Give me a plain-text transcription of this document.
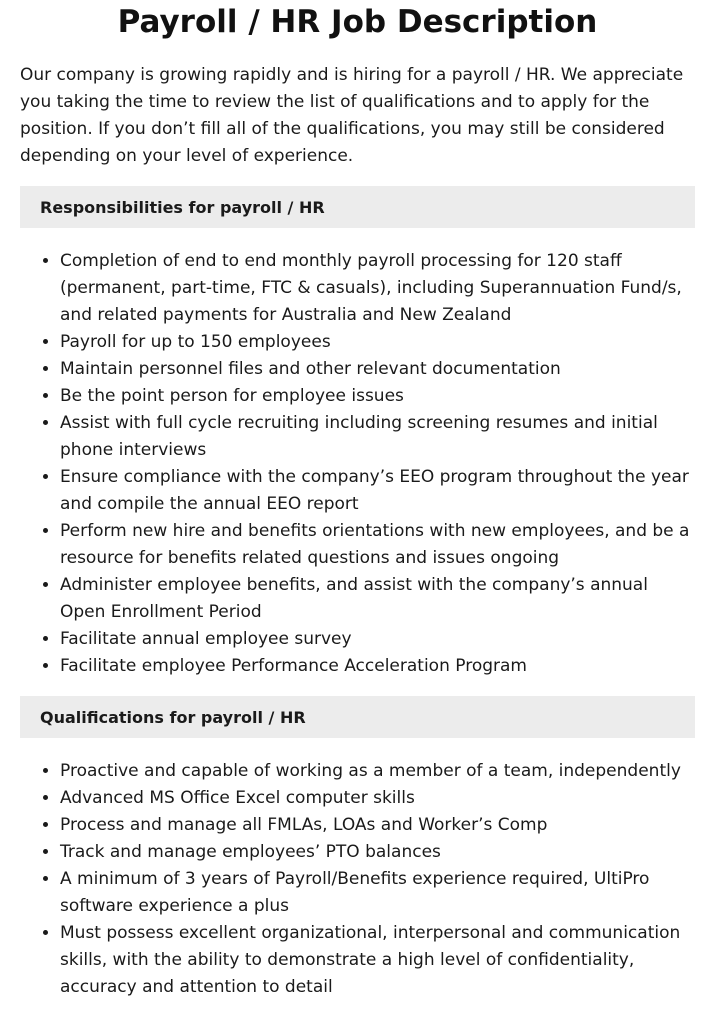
Payroll / HR Job Description

Our company is growing rapidly and is hiring for a payroll / HR. We appreciate you taking the time to review the list of qualifications and to apply for the position. If you don’t fill all of the qualifications, you may still be considered depending on your level of experience.

Responsibilities for payroll / HR
• Completion of end to end monthly payroll processing for 120 staff (permanent, part-time, FTC & casuals), including Superannuation Fund/s, and related payments for Australia and New Zealand
• Payroll for up to 150 employees
• Maintain personnel files and other relevant documentation
• Be the point person for employee issues
• Assist with full cycle recruiting including screening resumes and initial phone interviews
• Ensure compliance with the company’s EEO program throughout the year and compile the annual EEO report
• Perform new hire and benefits orientations with new employees, and be a resource for benefits related questions and issues ongoing
• Administer employee benefits, and assist with the company’s annual Open Enrollment Period
• Facilitate annual employee survey
• Facilitate employee Performance Acceleration Program
Qualifications for payroll / HR
• Proactive and capable of working as a member of a team, independently
• Advanced MS Office Excel computer skills
• Process and manage all FMLAs, LOAs and Worker’s Comp
• Track and manage employees’ PTO balances
• A minimum of 3 years of Payroll/Benefits experience required, UltiPro software experience a plus
• Must possess excellent organizational, interpersonal and communication skills, with the ability to demonstrate a high level of confidentiality, accuracy and attention to detail
